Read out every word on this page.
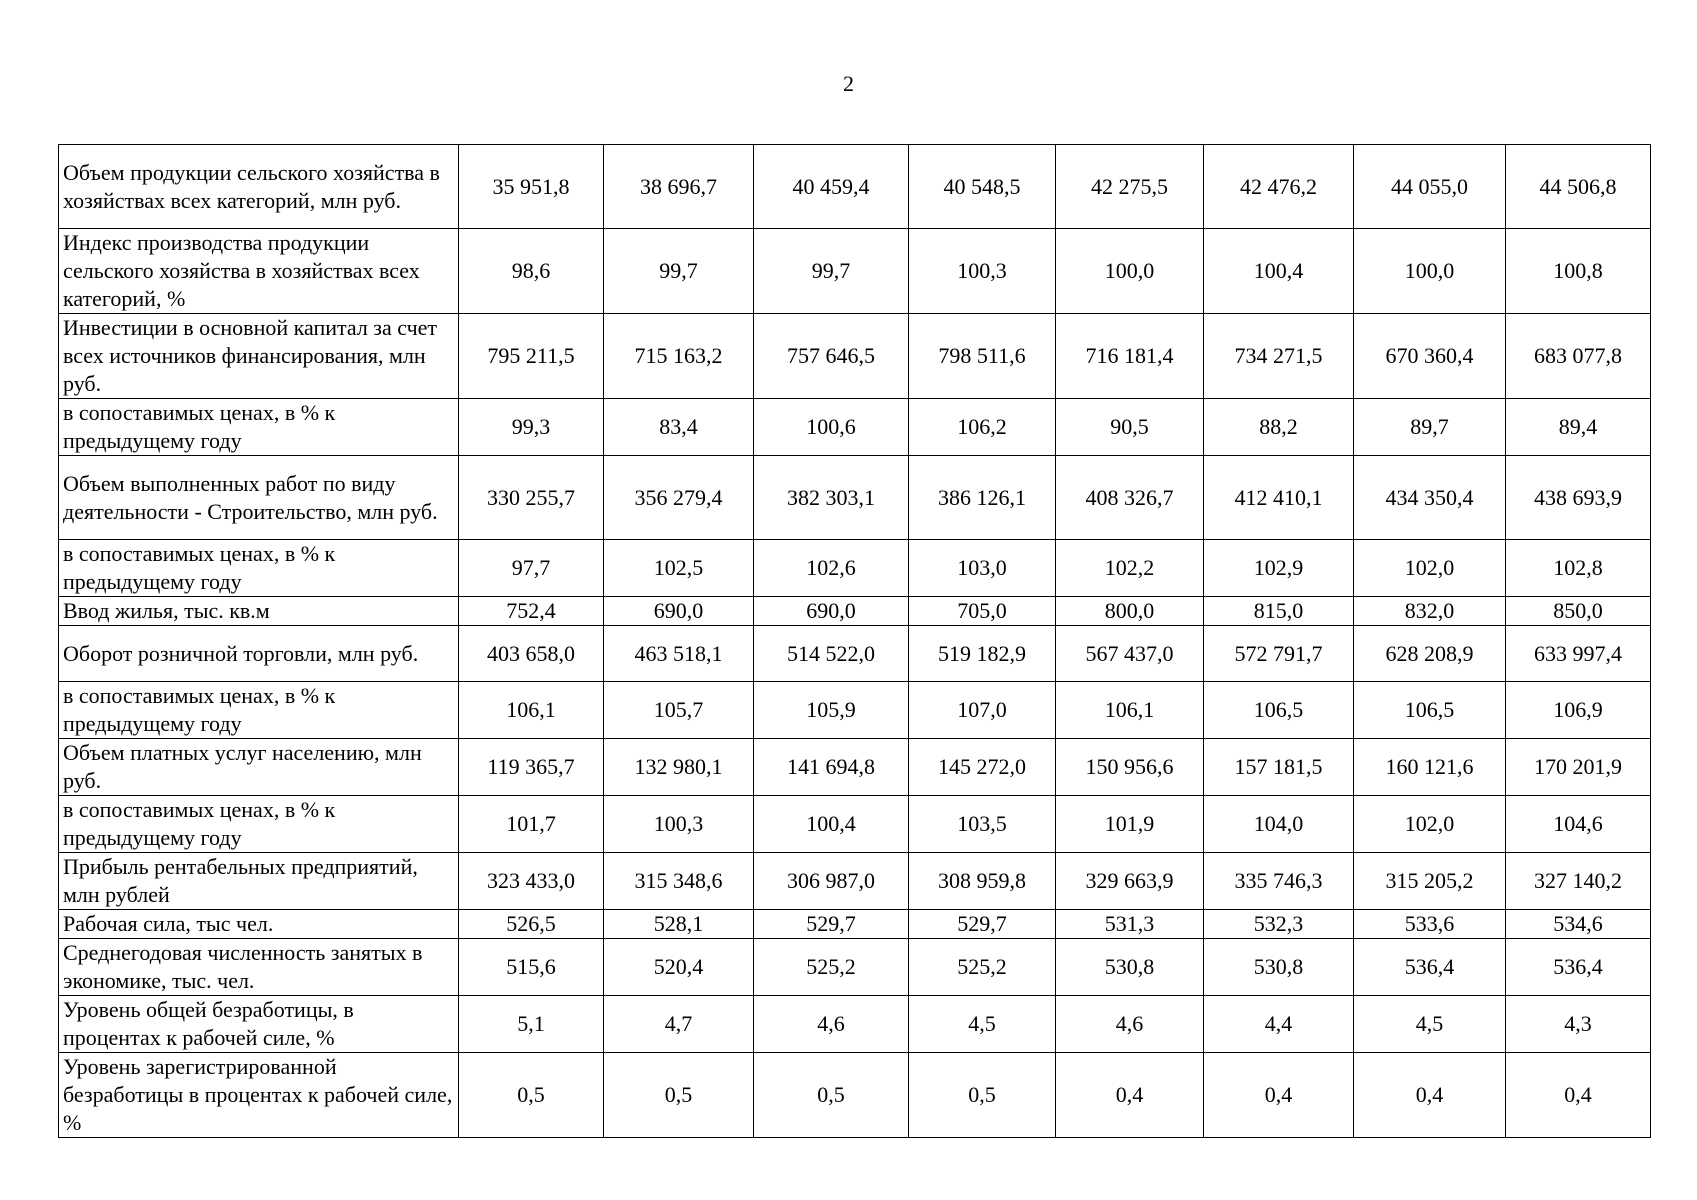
2
Объем продукции сельского хозяйства в хозяйствах всех категорий, млн руб.	35 951,8	38 696,7	40 459,4	40 548,5	42 275,5	42 476,2	44 055,0	44 506,8
Индекс производства продукции сельского хозяйства в хозяйствах всех категорий, %	98,6	99,7	99,7	100,3	100,0	100,4	100,0	100,8
Инвестиции в основной капитал за счет всех источников финансирования, млн руб.	795 211,5	715 163,2	757 646,5	798 511,6	716 181,4	734 271,5	670 360,4	683 077,8
в сопоставимых ценах, в % к предыдущему году	99,3	83,4	100,6	106,2	90,5	88,2	89,7	89,4
Объем выполненных работ по виду деятельности - Строительство, млн руб.	330 255,7	356 279,4	382 303,1	386 126,1	408 326,7	412 410,1	434 350,4	438 693,9
в сопоставимых ценах, в % к предыдущему году	97,7	102,5	102,6	103,0	102,2	102,9	102,0	102,8
Ввод жилья, тыс. кв.м	752,4	690,0	690,0	705,0	800,0	815,0	832,0	850,0
Оборот розничной торговли, млн руб.	403 658,0	463 518,1	514 522,0	519 182,9	567 437,0	572 791,7	628 208,9	633 997,4
в сопоставимых ценах, в % к предыдущему году	106,1	105,7	105,9	107,0	106,1	106,5	106,5	106,9
Объем платных услуг населению, млн руб.	119 365,7	132 980,1	141 694,8	145 272,0	150 956,6	157 181,5	160 121,6	170 201,9
в сопоставимых ценах, в % к предыдущему году	101,7	100,3	100,4	103,5	101,9	104,0	102,0	104,6
Прибыль рентабельных предприятий, млн рублей	323 433,0	315 348,6	306 987,0	308 959,8	329 663,9	335 746,3	315 205,2	327 140,2
Рабочая сила, тыс чел.	526,5	528,1	529,7	529,7	531,3	532,3	533,6	534,6
Среднегодовая численность занятых в экономике, тыс. чел.	515,6	520,4	525,2	525,2	530,8	530,8	536,4	536,4
Уровень общей безработицы, в процентах к рабочей силе, %	5,1	4,7	4,6	4,5	4,6	4,4	4,5	4,3
Уровень зарегистрированной безработицы в процентах к рабочей силе, %	0,5	0,5	0,5	0,5	0,4	0,4	0,4	0,4
